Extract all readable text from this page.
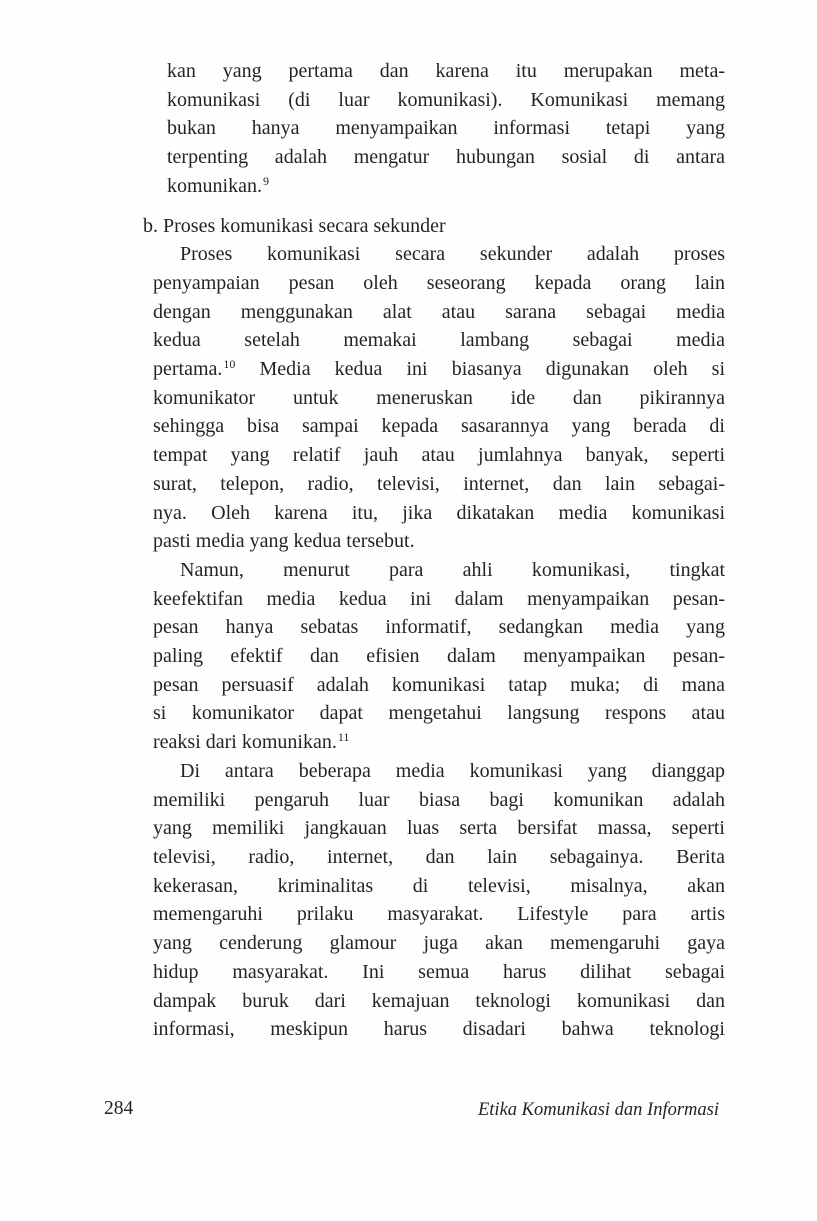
kan yang pertama dan karena itu merupakan meta-
komunikasi (di luar komunikasi). Komunikasi memang
bukan hanya menyampaikan informasi tetapi yang
terpenting adalah mengatur hubungan sosial di antara
komunikan.$^9$
b. Proses komunikasi secara sekunder
Proses komunikasi secara sekunder adalah proses
penyampaian pesan oleh seseorang kepada orang lain
dengan menggunakan alat atau sarana sebagai media
kedua setelah memakai lambang sebagai media
pertama.$^{10}$ Media kedua ini biasanya digunakan oleh si
komunikator untuk meneruskan ide dan pikirannya
sehingga bisa sampai kepada sasarannya yang berada di
tempat yang relatif jauh atau jumlahnya banyak, seperti
surat, telepon, radio, televisi, internet, dan lain sebagai-
nya. Oleh karena itu, jika dikatakan media komunikasi
pasti media yang kedua tersebut.
Namun, menurut para ahli komunikasi, tingkat
keefektifan media kedua ini dalam menyampaikan pesan-
pesan hanya sebatas informatif, sedangkan media yang
paling efektif dan efisien dalam menyampaikan pesan-
pesan persuasif adalah komunikasi tatap muka; di mana
si komunikator dapat mengetahui langsung respons atau
reaksi dari komunikan.$^{11}$
Di antara beberapa media komunikasi yang dianggap
memiliki pengaruh luar biasa bagi komunikan adalah
yang memiliki jangkauan luas serta bersifat massa, seperti
televisi, radio, internet, dan lain sebagainya. Berita
kekerasan, kriminalitas di televisi, misalnya, akan
memengaruhi prilaku masyarakat. Lifestyle para artis
yang cenderung glamour juga akan memengaruhi gaya
hidup masyarakat. Ini semua harus dilihat sebagai
dampak buruk dari kemajuan teknologi komunikasi dan
informasi, meskipun harus disadari bahwa teknologi
284	Etika Komunikasi dan Informasi
